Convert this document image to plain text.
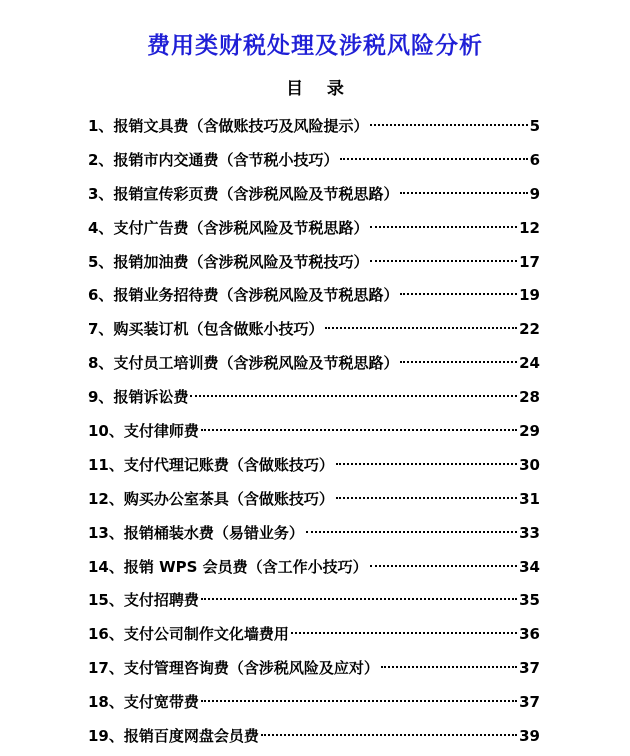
费用类财税处理及涉税风险分析
目    录
1、 报销文具费（含做账技巧及风险提示）	5
2、 报销市内交通费（含节税小技巧）	6
3、 报销宣传彩页费（含涉税风险及节税思路）	9
4、 支付广告费（含涉税风险及节税思路）	12
5、 报销加油费（含涉税风险及节税技巧）	17
6、 报销业务招待费（含涉税风险及节税思路）	19
7、 购买装订机（包含做账小技巧）	22
8、 支付员工培训费（含涉税风险及节税思路）	24
9、 报销诉讼费	28
10、 支付律师费	29
11、 支付代理记账费（含做账技巧）	30
12、 购买办公室茶具（含做账技巧）	31
13、 报销桶装水费（易错业务）	33
14、 报销 WPS 会员费（含工作小技巧）	34
15、 支付招聘费	35
16、 支付公司制作文化墙费用	36
17、 支付管理咨询费（含涉税风险及应对）	37
18、 支付宽带费	37
19、 报销百度网盘会员费	39
